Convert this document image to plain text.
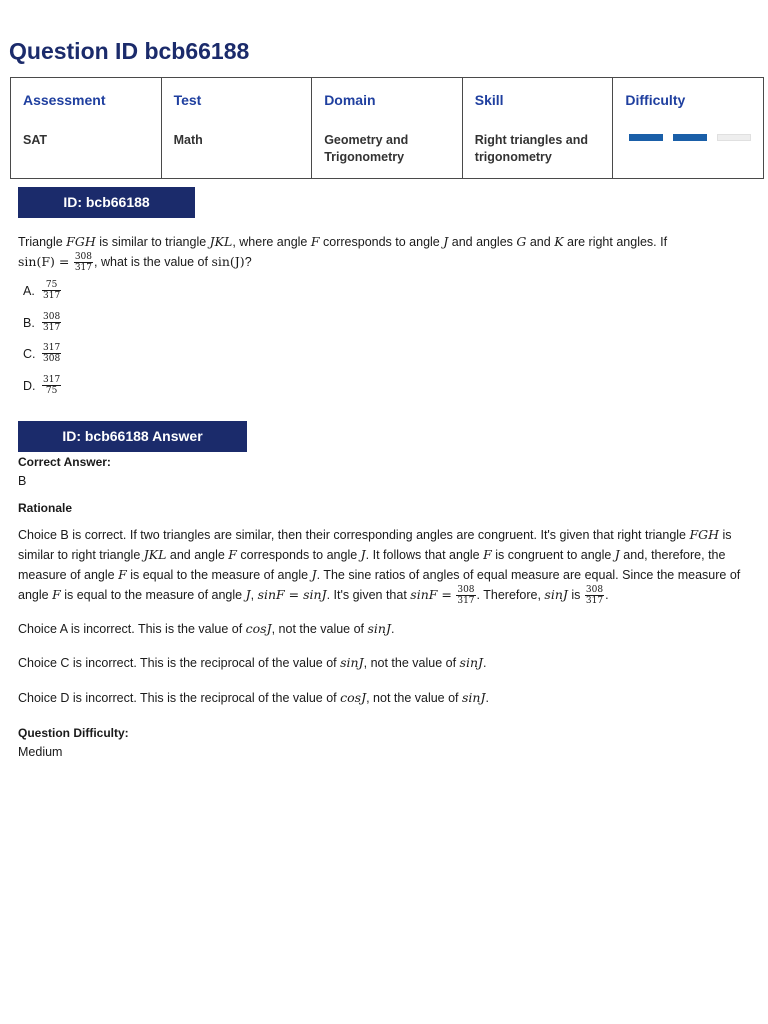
Question ID bcb66188
Assessment
SAT

Test
Math

Domain
Geometry and Trigonometry

Skill
Right triangles and trigonometry

Difficulty
ID: bcb66188

Triangle FGH is similar to triangle JKL, where angle F corresponds to angle J and angles G and K are right angles. If
$\sin(F) = \frac{308}{317}$ , what is the value of sin(J)?

A. $\frac{75}{317}$
B. $\frac{308}{317}$
C. $\frac{317}{308}$
D. $\frac{317}{75}$
ID: bcb66188 Answer

Correct Answer:

B

Rationale

Choice B is correct. If two triangles are similar, then their corresponding angles are congruent. It's given that right triangle FGH is similar to right triangle JKL and angle F corresponds to angle J. It follows that angle F is congruent to angle J and, therefore, the measure of angle F is equal to the measure of angle J. The sine ratios of angles of equal measure are equal. Since the measure of angle F is equal to the measure of angle J, sinF = sinJ. It's given that $\sin F = \frac{308}{317}$ . Therefore, sinJ is $\frac{308}{317}$ .

Choice A is incorrect. This is the value of cosJ, not the value of sinJ.

Choice C is incorrect. This is the reciprocal of the value of sinJ, not the value of sinJ.

Choice D is incorrect. This is the reciprocal of the value of cosJ, not the value of sinJ.

Question Difficulty:

Medium
